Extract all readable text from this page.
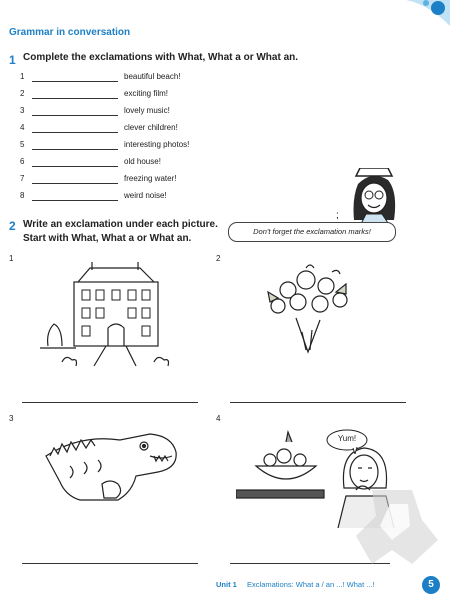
Grammar in conversation
1 Complete the exclamations with What, What a or What an.
1	beautiful beach!
2	exciting film!
3	lovely music!
4	clever children!
5	interesting photos!
6	old house!
7	freezing water!
8	weird noise!
;
2 Write an exclamation under each picture.
Start with What, What a or What an.
Don't forget the exclamation marks!
1	2
3	4
Yum!
Unit 1 Exclamations: What a / an ...! What ...!	5
